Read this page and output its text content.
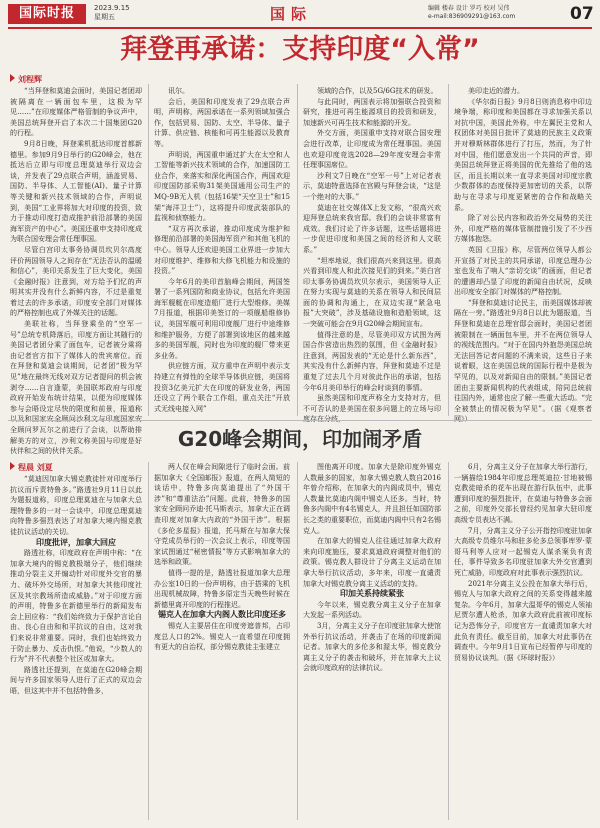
国际时报	2023.9.15
星期五	国际	编辑 楼春 设计 罗巧 校对 吴伟
e-mail:836909291@163.com	07
拜登再承诺：支持印度“入常”
刘程辉

“当拜登和莫迪会面时，美国记者团却被隔离在一辆面包车里，这极为罕见……”在印度媒体严格管制的争议声中，美国总统拜登开启了本次二十国集团G20的行程。

9月8日晚，拜登乘机抵达印度首都新德里。参加9月9日举行的G20峰会，他在抵达后立即与印度总理莫迪举行双边会谈，并发表了29点联合声明，涵盖贸易、国防、半导体、人工智能(AI)、量子计算等关键和新兴技术领域的合作，声明说到，美国“工业界将加大对印度的投资，致力于推动印度打造成推护前沿部署的美国海军资产的中心”。美国还重申支持印度成为联合国安理会常任理事国。

尽管白宫印太事务协调员坎贝尔高度评价两国领导人之间存在“无法否认的温暖和信心”，美印关系发生了巨大变化，美国《金融时报》注意到，对方给予们忆的声明其实并没有什么新鲜内容，不过是重复着过去的许多承诺，印度安全部门对媒体的严格控制也成了外媒关注的话题。

美联社称，当拜登乘坐的“空军一号”总统专机降落后，印度方面让其随行的美国记者团分乘了面包车，记者被分乘将由记者官方扣下了媒体人的贵宾席位。而在拜登和莫迪会谈期间，记者团“极为罕见”地在最终无线对双方记者提问的机会被剥夺……自言逢蒙，美国联邦政府与印度政府开始发布统计结果，以便为印度媒体参与会晤设定尽快的限度和前景，报道称 全顾问罗瓦尔之前进行了会谈，以帮助排解美方的对立，沙利文称美国与印度是好伙伴和之间的伙伴关系。

讯尔。

会后，美国和印度发表了29点联合声明，声明称，两国承诺在一系列领域加强合作，包括贸易、国防、太空、半导体、量子计算、供应链、核能和可再生能源以及教育等。

声明说，两国重申通过扩大在太空和人工智能等新兴技术领域的合作，加速国防工业合作，来落实和深化两国合作，两国欢迎印度国防部采购31架美国通用公司生产的MQ-9B无人机（包括16架“天空卫士”和15架“海洋卫士”），这将提升印度武装部队的监视和侦察能力。

“双方再次承诺，推动印度成为维护和修理前沿部署的美国海军资产和其他飞机的中心。领导人还欢迎美国工业界进一步加大对印度维护、维修和大修飞机能力和设施的投资。”

今年6月的美印首脑峰会期间，两国签署了一系列国防和商业协议，包括允许美国海军舰艇在印度造船厂进行大型维修。美媒7月报道，根据印美签订的一项舰船维修协议，美国军舰可利用印度舰厂进行中途维修和维护服务，方便了部署到该地区的越来越多的美国军舰，同时也为印度的舰厂带来更多业务。

供应链方面，双方重申在声明中表示支持建立有弹性的全球半导体供应链，美国将投资3亿美元扩大在印度的研发业务，两国还设立了两个联合工作组，重点关注“开放式无线电接入网”

领域的合作，以及5G/6G技术的研发。

与此同时，两国表示将加强联合投资和研究，推进可再生能源项目的投资和研发，加速新兴可再生技术和能源的开发。

外交方面，美国重申支持对联合国安理会进行改革，让印度成为常任理事国。美国也欢迎印度竞选2028—29年度安理会非常任理事国席位。

沙利文7日晚在“空军一号”上对记者表示，莫迪特意选择在宫殿与拜登会谈，“这是一个绝对的大事。”

莫迪在社交媒体X上发文称，“很高兴欢迎拜登总统来我官邸。我们的会谈非常富有成效。我们讨论了许多话题，这些话题将进一步促进印度和美国之间的经济和人文联系。”

“坦率地说，我们很高兴来到这里。很高兴看到印度人和此次接见们的到来。”美白宫印太事务协调员坎贝尔表示，美国领导人正在努力实现与莫迪的关系在领导人和民间层面的协调和沟通上，在双边实现“紧急电报”大突破”，涉及基础设施和造船领域，这一突破可能会在9月G20峰会期间宣布。

值得注意的是，尽管美印双方试图为两国合作营造出热烈的氛围，但《金融时报》注意到，两国发表的“无论是什么新东西”，其实没有什么新鲜内容，拜登和莫迪不过是重复了过去几个月对彼此作出的承诺，包括今年6月美印举行的峰会时谈到的事情。

虽然美国和印度声称全力支持对方，但不可否认的是美国在很多问题上的立场与印

美印走近的潜力。

《华尔街日报》9月8日则消息称中印边境争端，称印度和美国都在寻求加强关系以对抗中国，美国此外称，中左翼民主党和人权团体对美国日批评了莫迪的民族主义政策并对穆斯林群体进行了打压，然而，为了针对中国，他们愿意发出一个共同的声音，即美国总统拜登正将美国的优先推给了他的选区，而且长期以来一直寻求美国对印度宗教少数群体的态度保持更加密切的关系，以帮助与在寻求与印度更紧密的合作和战略关系。

除了对公民内容和政治外交局势的关注外，印度严格的媒体管制措施引发了不少西方媒体抱怨。

英国《卫报》称，尽管两位领导人都公开宣扬了对民主的共同承诺，印度总理办公室也发布了响人“亲切交谈”的画面，但记者的遭遇却凸显了印度的新闻自由状况，反映出印度安全部门对媒体的严格控制。

“拜登和莫迪讨论民主，而美国媒体却被隔在一旁。”路透社9月8日以此为题报道，当拜登和莫迪在总理官邸会面时，美国记者团被限制在一辆面包车里，并不在两位领导人的视线范围内。“对于在国内外抱怨美国总统无法回答记者问题的不满来说，这些日子来说着眼，这在美国总统的国际行程中是极为罕见的，以及对新闻自由的限制。”美国记者团由主要新闻机构的代表组成，陪同总统前往国内外，通常也应了解一些重大活动。“完全被禁止的情况极为罕见”。（据《观察者

G20峰会期间，印加闹矛盾
程晨 刘夏

“莫迪因加拿大锡克教徒针对印度举行抗议而斥责特鲁多。”路透社9月11日以此为题报道称，印度总理莫迪在与加拿大总理特鲁多的一对一会谈中，印度总理莫迪向特鲁多强烈表达了对加拿大境内锡克教徒抗议活动的关切。

印度批评，加拿大回应

路透社称，印度政府在声明中称：“在加拿大境内的锡克教极端分子，他们继续推动分裂主义并煽动针对印度外交官的暴力、破坏外交场所，对加拿大其他印度社区及其宗教场所造成威胁。”对于印度方面的声明，特鲁多在新德里举行的新闻发布会上回应称：“我们始终致力于保护言论自由、良心自由和和平抗议的自由，这对我们来说非常重要。同时，我们也始终致力于防止暴力、反击仇恨。”他说，“少数人的行为”并不代表整个社区或加拿大。

路透社还提到，在莫迪在G20峰会期间与许多国家领导人进行了正式的双边会晤，但这其中并不包括特鲁多，

两人仅在峰会间隙进行了临时会面。前据加拿大《全国邮报》报道，在两人简短的谈话中，特鲁多向莫迪提出了“外国干涉”和“尊重法治”问题。此前，特鲁多的国家安全顾问乔迪·托马斯表示，加拿大正在调查印度对加拿大内政的“外国干涉”。根据《多伦多星报》报道，托马斯在与加拿大保守党成员举行的一次会议上表示，印度等国家试图通过“秘密情报”等方式影响加拿大的选举和政策。

值得一提的是，路透社报道加拿大总理办公室10日的一份声明称，由于搭乘的飞机出现机械故障，特鲁多原定当天晚些时候在新德里离开印度的行程推迟。

锡克人在加拿大内阁人数比印度还多

锡克人主要居住在印度旁遮普邦，占印度总人口的2%。锡克人一直希望在印度拥有更大的自治权，部分锡克教徒主张建立

图他离开印度。加拿大是除印度外锡克人数最多的国家，加拿大锡克教人数自2016年曾介绍称，在加拿大的内阁成员中，锡克人数量比莫迪内阁中锡克人还多。当时，特鲁多内阁中有4名锡克人，并且担任如国防部长之类的重要职位，而莫迪内阁中只有2名锡克人。

在加拿大的锡克人往往通过加拿大政府来向印度施压，要求莫迪政府调整对他们的政策。锡克教人群设计了分离主义运动在加拿大举行抗议活动，多年来，印度一直谴责加拿大对锡克教分离主义活动的支持。

印加关系持续紧张

今年以来，锡克教分离主义分子在加拿大发起一系列活动。

3月，分离主义分子在印度驻加拿大使馆外举行抗议活动，并袭击了在场的印度新闻记者。加拿大的多伦多和渥太华，锡克教分离主义分子的袭击和破坏，并在加拿大上议会就印度政府的法律抗议。

6月，分离主义分子在加拿大举行游行，一辆描绘1984年印度总理英迪拉·甘地被锡克教徒暗杀的花车出现在游行队伍中，此事遭到印度的强烈批评，在莫迪与特鲁多会面之前，印度外交部长曾经约见加拿大驻印度高级专员表达不满。

7月，分离主义分子公开指控印度驻加拿大高级专员维尔马和驻多伦多总领事库罗·蒙哥马利等人应对一起锡克人谋杀案负有责任，事件导致多名印度驻加拿大外交官遭到死亡威胁，印度政府对此事表示强烈抗议。

2021年分离主义公投在加拿大举行后，锡克人与加拿大政府之间的关系变得越来越复杂。今年6月，加拿大温哥华的锡克人领袖尼贾尔遭人枪杀，加拿大政府此前被印度标记为恐怖分子，印度官方一直谴责加拿大对此负有责任。截至目前，加拿大对此事仍在调查中。今年9月1日宣布已经暂停与印度的贸易协议谈判。（据《环球时报》）
